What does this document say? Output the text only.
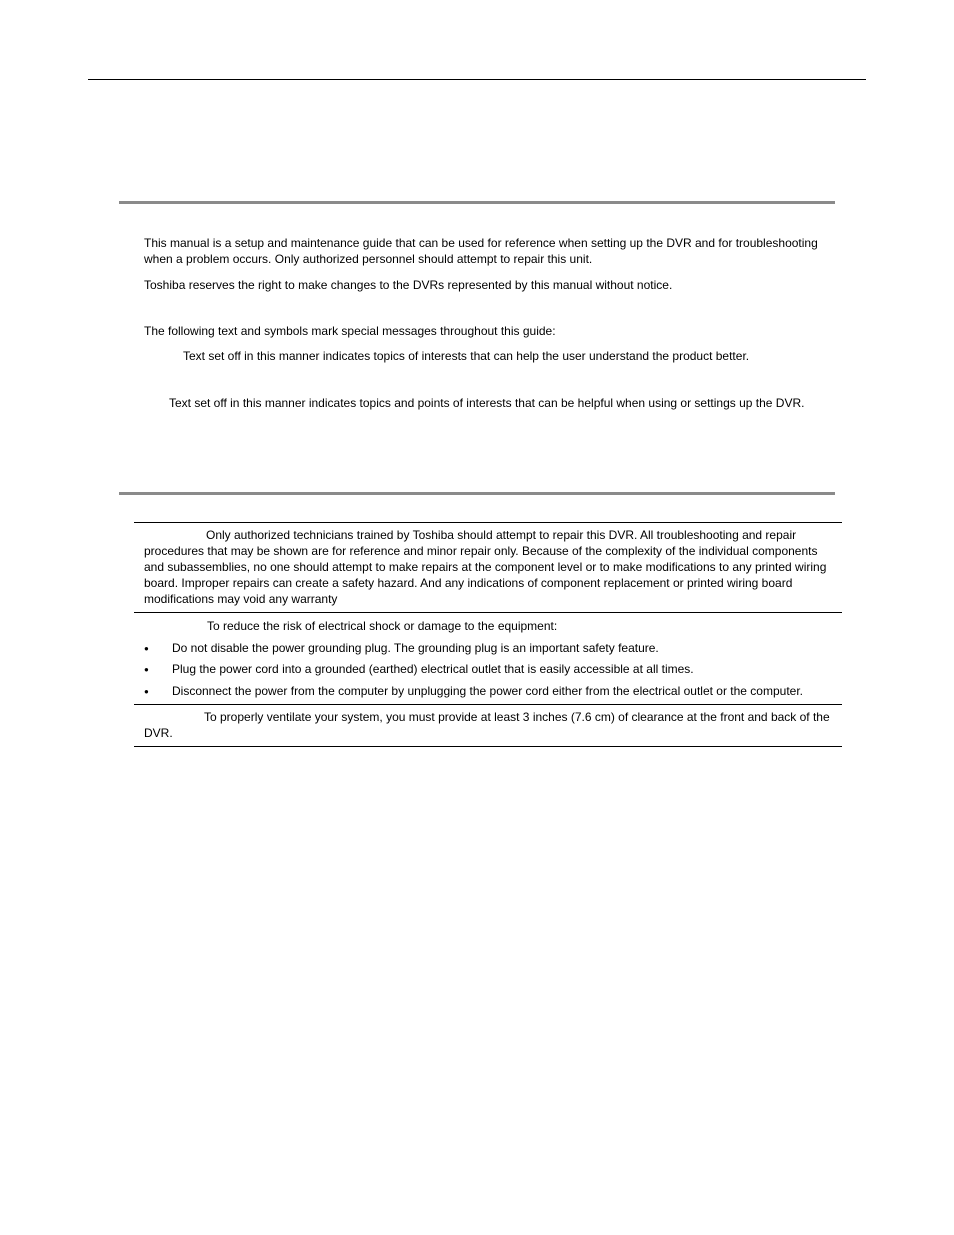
This manual is a setup and maintenance guide that can be used for reference when setting up the DVR and for troubleshooting when a problem occurs. Only authorized personnel should attempt to repair this unit.

Toshiba reserves the right to make changes to the DVRs represented by this manual without notice.

The following text and symbols mark special messages throughout this guide:

Text set off in this manner indicates topics of interests that can help the user understand the product better.

Text set off in this manner indicates topics and points of interests that can be helpful when using or settings up the DVR.

Only authorized technicians trained by Toshiba should attempt to repair this DVR. All troubleshooting and repair procedures that may be shown are for reference and minor repair only. Because of the complexity of the individual components and subassemblies, no one should attempt to make repairs at the component level or to make modifications to any printed wiring board. Improper repairs can create a safety hazard. And any indications of component replacement or printed wiring board modifications may void any warranty

To reduce the risk of electrical shock or damage to the equipment:

● Do not disable the power grounding plug. The grounding plug is an important safety feature.

● Plug the power cord into a grounded (earthed) electrical outlet that is easily accessible at all times.

● Disconnect the power from the computer by unplugging the power cord either from the electrical outlet or the computer.

To properly ventilate your system, you must provide at least 3 inches (7.6 cm) of clearance at the front and back of the DVR.
